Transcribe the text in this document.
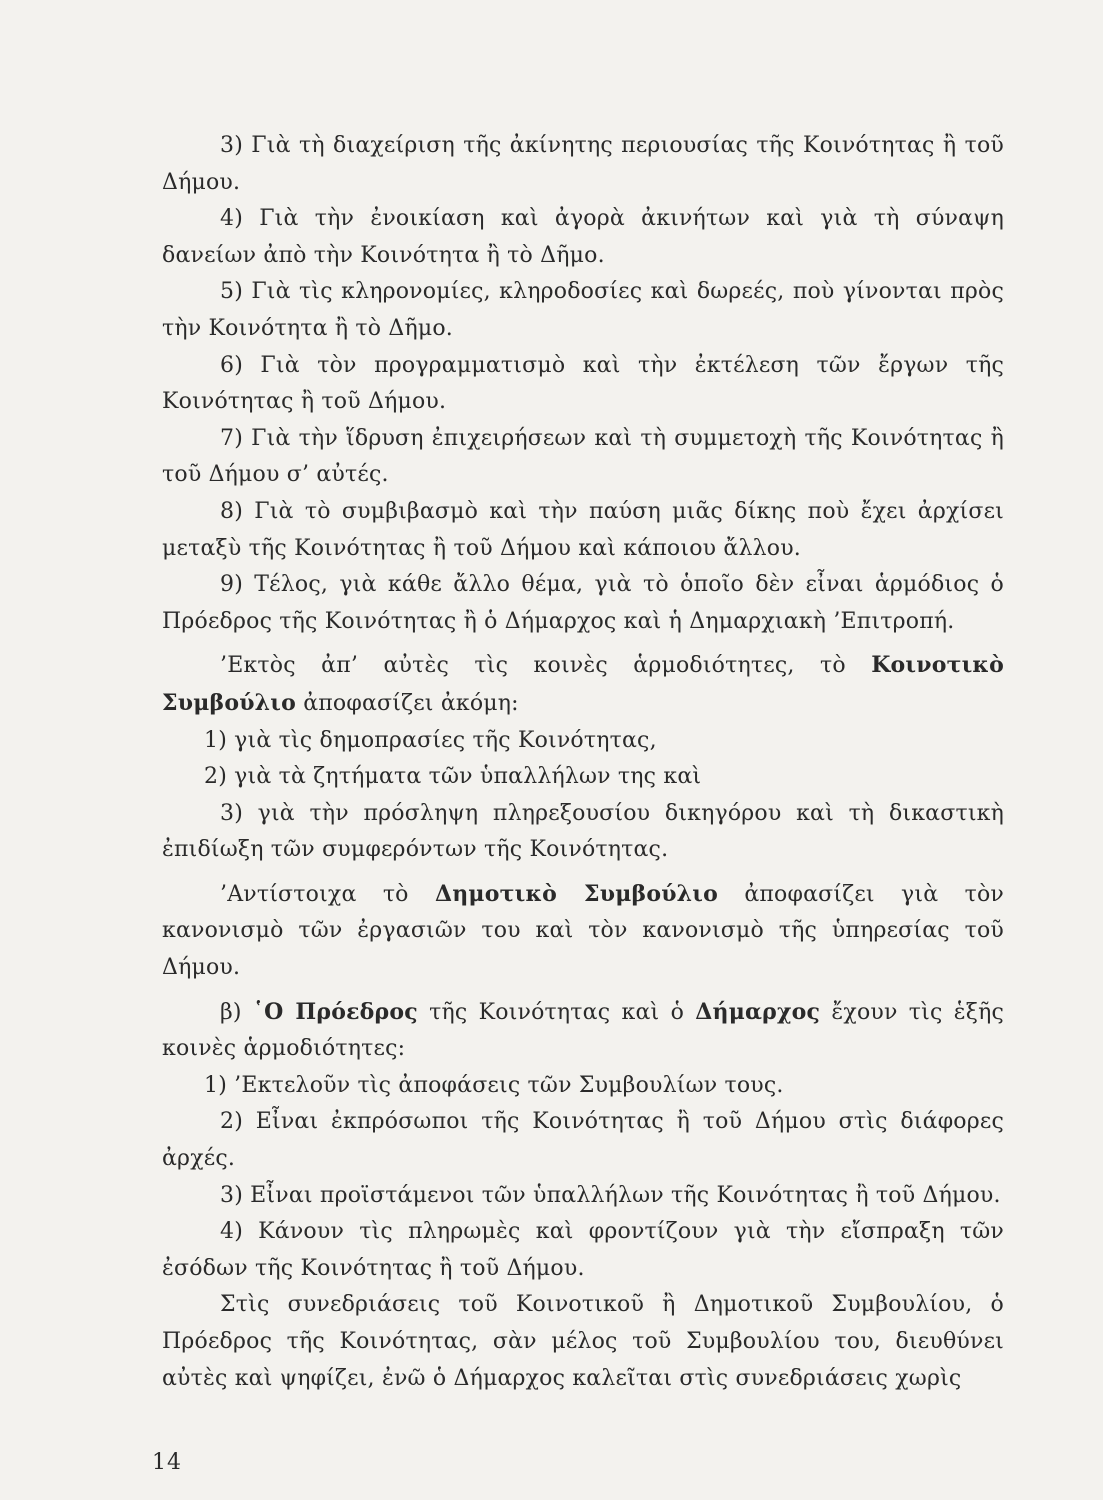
3) Γιὰ τὴ διαχείριση τῆς ἀκίνητης περιουσίας τῆς Κοινότητας ἢ τοῦ Δήμου.

4) Γιὰ τὴν ἐνοικίαση καὶ ἀγορὰ ἀκινήτων καὶ γιὰ τὴ σύναψη δανείων ἀπὸ τὴν Κοινότητα ἢ τὸ Δῆμο.

5) Γιὰ τὶς κληρονομίες, κληροδοσίες καὶ δωρεές, ποὺ γίνονται πρὸς τὴν Κοινότητα ἢ τὸ Δῆμο.

6) Γιὰ τὸν προγραμματισμὸ καὶ τὴν ἐκτέλεση τῶν ἔργων τῆς Κοινότητας ἢ τοῦ Δήμου.

7) Γιὰ τὴν ἵδρυση ἐπιχειρήσεων καὶ τὴ συμμετοχὴ τῆς Κοινότητας ἢ τοῦ Δήμου σ’ αὐτές.

8) Γιὰ τὸ συμβιβασμὸ καὶ τὴν παύση μιᾶς δίκης ποὺ ἔχει ἀρχίσει μεταξὺ τῆς Κοινότητας ἢ τοῦ Δήμου καὶ κάποιου ἄλλου.

9) Τέλος, γιὰ κάθε ἄλλο θέμα, γιὰ τὸ ὁποῖο δὲν εἶναι ἁρμόδιος ὁ Πρόεδρος τῆς Κοινότητας ἢ ὁ Δήμαρχος καὶ ἡ Δημαρχιακὴ ’Επιτροπή.

’Εκτὸς ἀπ’ αὐτὲς τὶς κοινὲς ἁρμοδιότητες, τὸ Κοινοτικὸ Συμβούλιο ἀποφασίζει ἀκόμη:

1) γιὰ τὶς δημοπρασίες τῆς Κοινότητας,

2) γιὰ τὰ ζητήματα τῶν ὑπαλλήλων της καὶ

3) γιὰ τὴν πρόσληψη πληρεξουσίου δικηγόρου καὶ τὴ δικαστικὴ ἐπιδίωξη τῶν συμφερόντων τῆς Κοινότητας.

’Αντίστοιχα τὸ Δημοτικὸ Συμβούλιο ἀποφασίζει γιὰ τὸν κανονισμὸ τῶν ἐργασιῶν του καὶ τὸν κανονισμὸ τῆς ὑπηρεσίας τοῦ Δήμου.

β) ῾Ο Πρόεδρος τῆς Κοινότητας καὶ ὁ Δήμαρχος ἔχουν τὶς ἑξῆς κοινὲς ἁρμοδιότητες:

1) ’Εκτελοῦν τὶς ἀποφάσεις τῶν Συμβουλίων τους.

2) Εἶναι ἐκπρόσωποι τῆς Κοινότητας ἢ τοῦ Δήμου στὶς διάφορες ἀρχές.

3) Εἶναι προϊστάμενοι τῶν ὑπαλλήλων τῆς Κοινότητας ἢ τοῦ Δήμου.

4) Κάνουν τὶς πληρωμὲς καὶ φροντίζουν γιὰ τὴν εἴσπραξη τῶν ἐσόδων τῆς Κοινότητας ἢ τοῦ Δήμου.

Στὶς συνεδριάσεις τοῦ Κοινοτικοῦ ἢ Δημοτικοῦ Συμβουλίου, ὁ Πρόεδρος τῆς Κοινότητας, σὰν μέλος τοῦ Συμβουλίου του, διευθύνει αὐτὲς καὶ ψηφίζει, ἐνῶ ὁ Δήμαρχος καλεῖται στὶς συνεδριάσεις χωρὶς

14
